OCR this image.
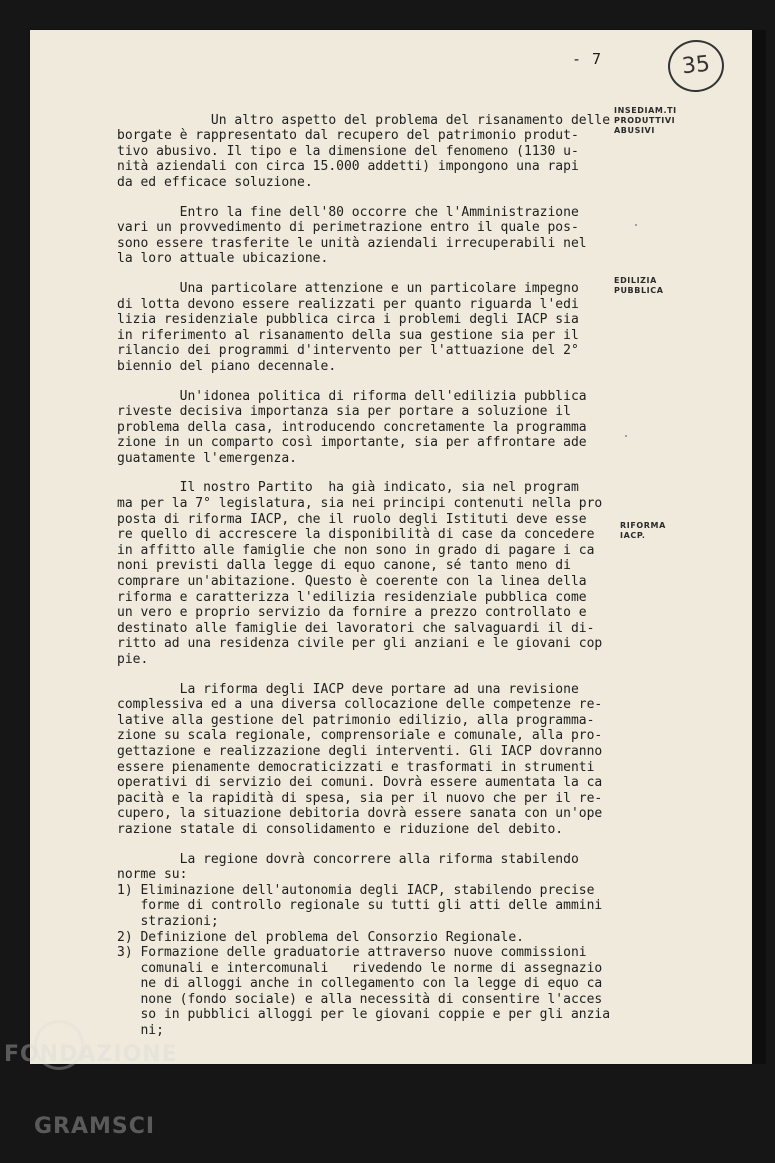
- 7	35

Un altro aspetto del problema del risanamento delle
borgate è rappresentato dal recupero del patrimonio produt-
tivo abusivo. Il tipo e la dimensione del fenomeno (1130 u-
nità aziendali con circa 15.000 addetti) impongono una rapi
da ed efficace soluzione.

Entro la fine dell'80 occorre che l'Amministrazione
vari un provvedimento di perimetrazione entro il quale pos-
sono essere trasferite le unità aziendali irrecuperabili nel
la loro attuale ubicazione.

Una particolare attenzione e un particolare impegno
di lotta devono essere realizzati per quanto riguarda l'edi
lizia residenziale pubblica circa i problemi degli IACP sia
in riferimento al risanamento della sua gestione sia per il
rilancio dei programmi d'intervento per l'attuazione del 2°
biennio del piano decennale.

Un'idonea politica di riforma dell'edilizia pubblica
riveste decisiva importanza sia per portare a soluzione il
problema della casa, introducendo concretamente la programma
zione in un comparto così importante, sia per affrontare ade
guatamente l'emergenza.

Il nostro Partito  ha già indicato, sia nel program
ma per la 7° legislatura, sia nei principi contenuti nella pro
posta di riforma IACP, che il ruolo degli Istituti deve esse
re quello di accrescere la disponibilità di case da concedere
in affitto alle famiglie che non sono in grado di pagare i ca
noni previsti dalla legge di equo canone, sé tanto meno di
comprare un'abitazione. Questo è coerente con la linea della
riforma e caratterizza l'edilizia residenziale pubblica come
un vero e proprio servizio da fornire a prezzo controllato e
destinato alle famiglie dei lavoratori che salvaguardi il di-
ritto ad una residenza civile per gli anziani e le giovani cop
pie.

La riforma degli IACP deve portare ad una revisione
complessiva ed a una diversa collocazione delle competenze re-
lative alla gestione del patrimonio edilizio, alla programma-
zione su scala regionale, comprensoriale e comunale, alla pro-
gettazione e realizzazione degli interventi. Gli IACP dovranno
essere pienamente democraticizzati e trasformati in strumenti
operativi di servizio dei comuni. Dovrà essere aumentata la ca
pacità e la rapidità di spesa, sia per il nuovo che per il re-
cupero, la situazione debitoria dovrà essere sanata con un'ope
razione statale di consolidamento e riduzione del debito.

La regione dovrà concorrere alla riforma stabilendo
norme su:

1) Eliminazione dell'autonomia degli IACP, stabilendo precise
forme di controllo regionale su tutti gli atti delle ammini
strazioni;

2) Definizione del problema del Consorzio Regionale.

3) Formazione delle graduatorie attraverso nuove commissioni
comunali e intercomunali   rivedendo le norme di assegnazio
ne di alloggi anche in collegamento con la legge di equo ca
none (fondo sociale) e alla necessità di consentire l'acces
so in pubblici alloggi per le giovani coppie e per gli anzia
ni;

INSEDIAM.TI
PRODUTTIVI
ABUSIVI

EDILIZIA
PUBBLICA

RIFORMA
IACP.

FONDAZIONE

GRAMSCI
